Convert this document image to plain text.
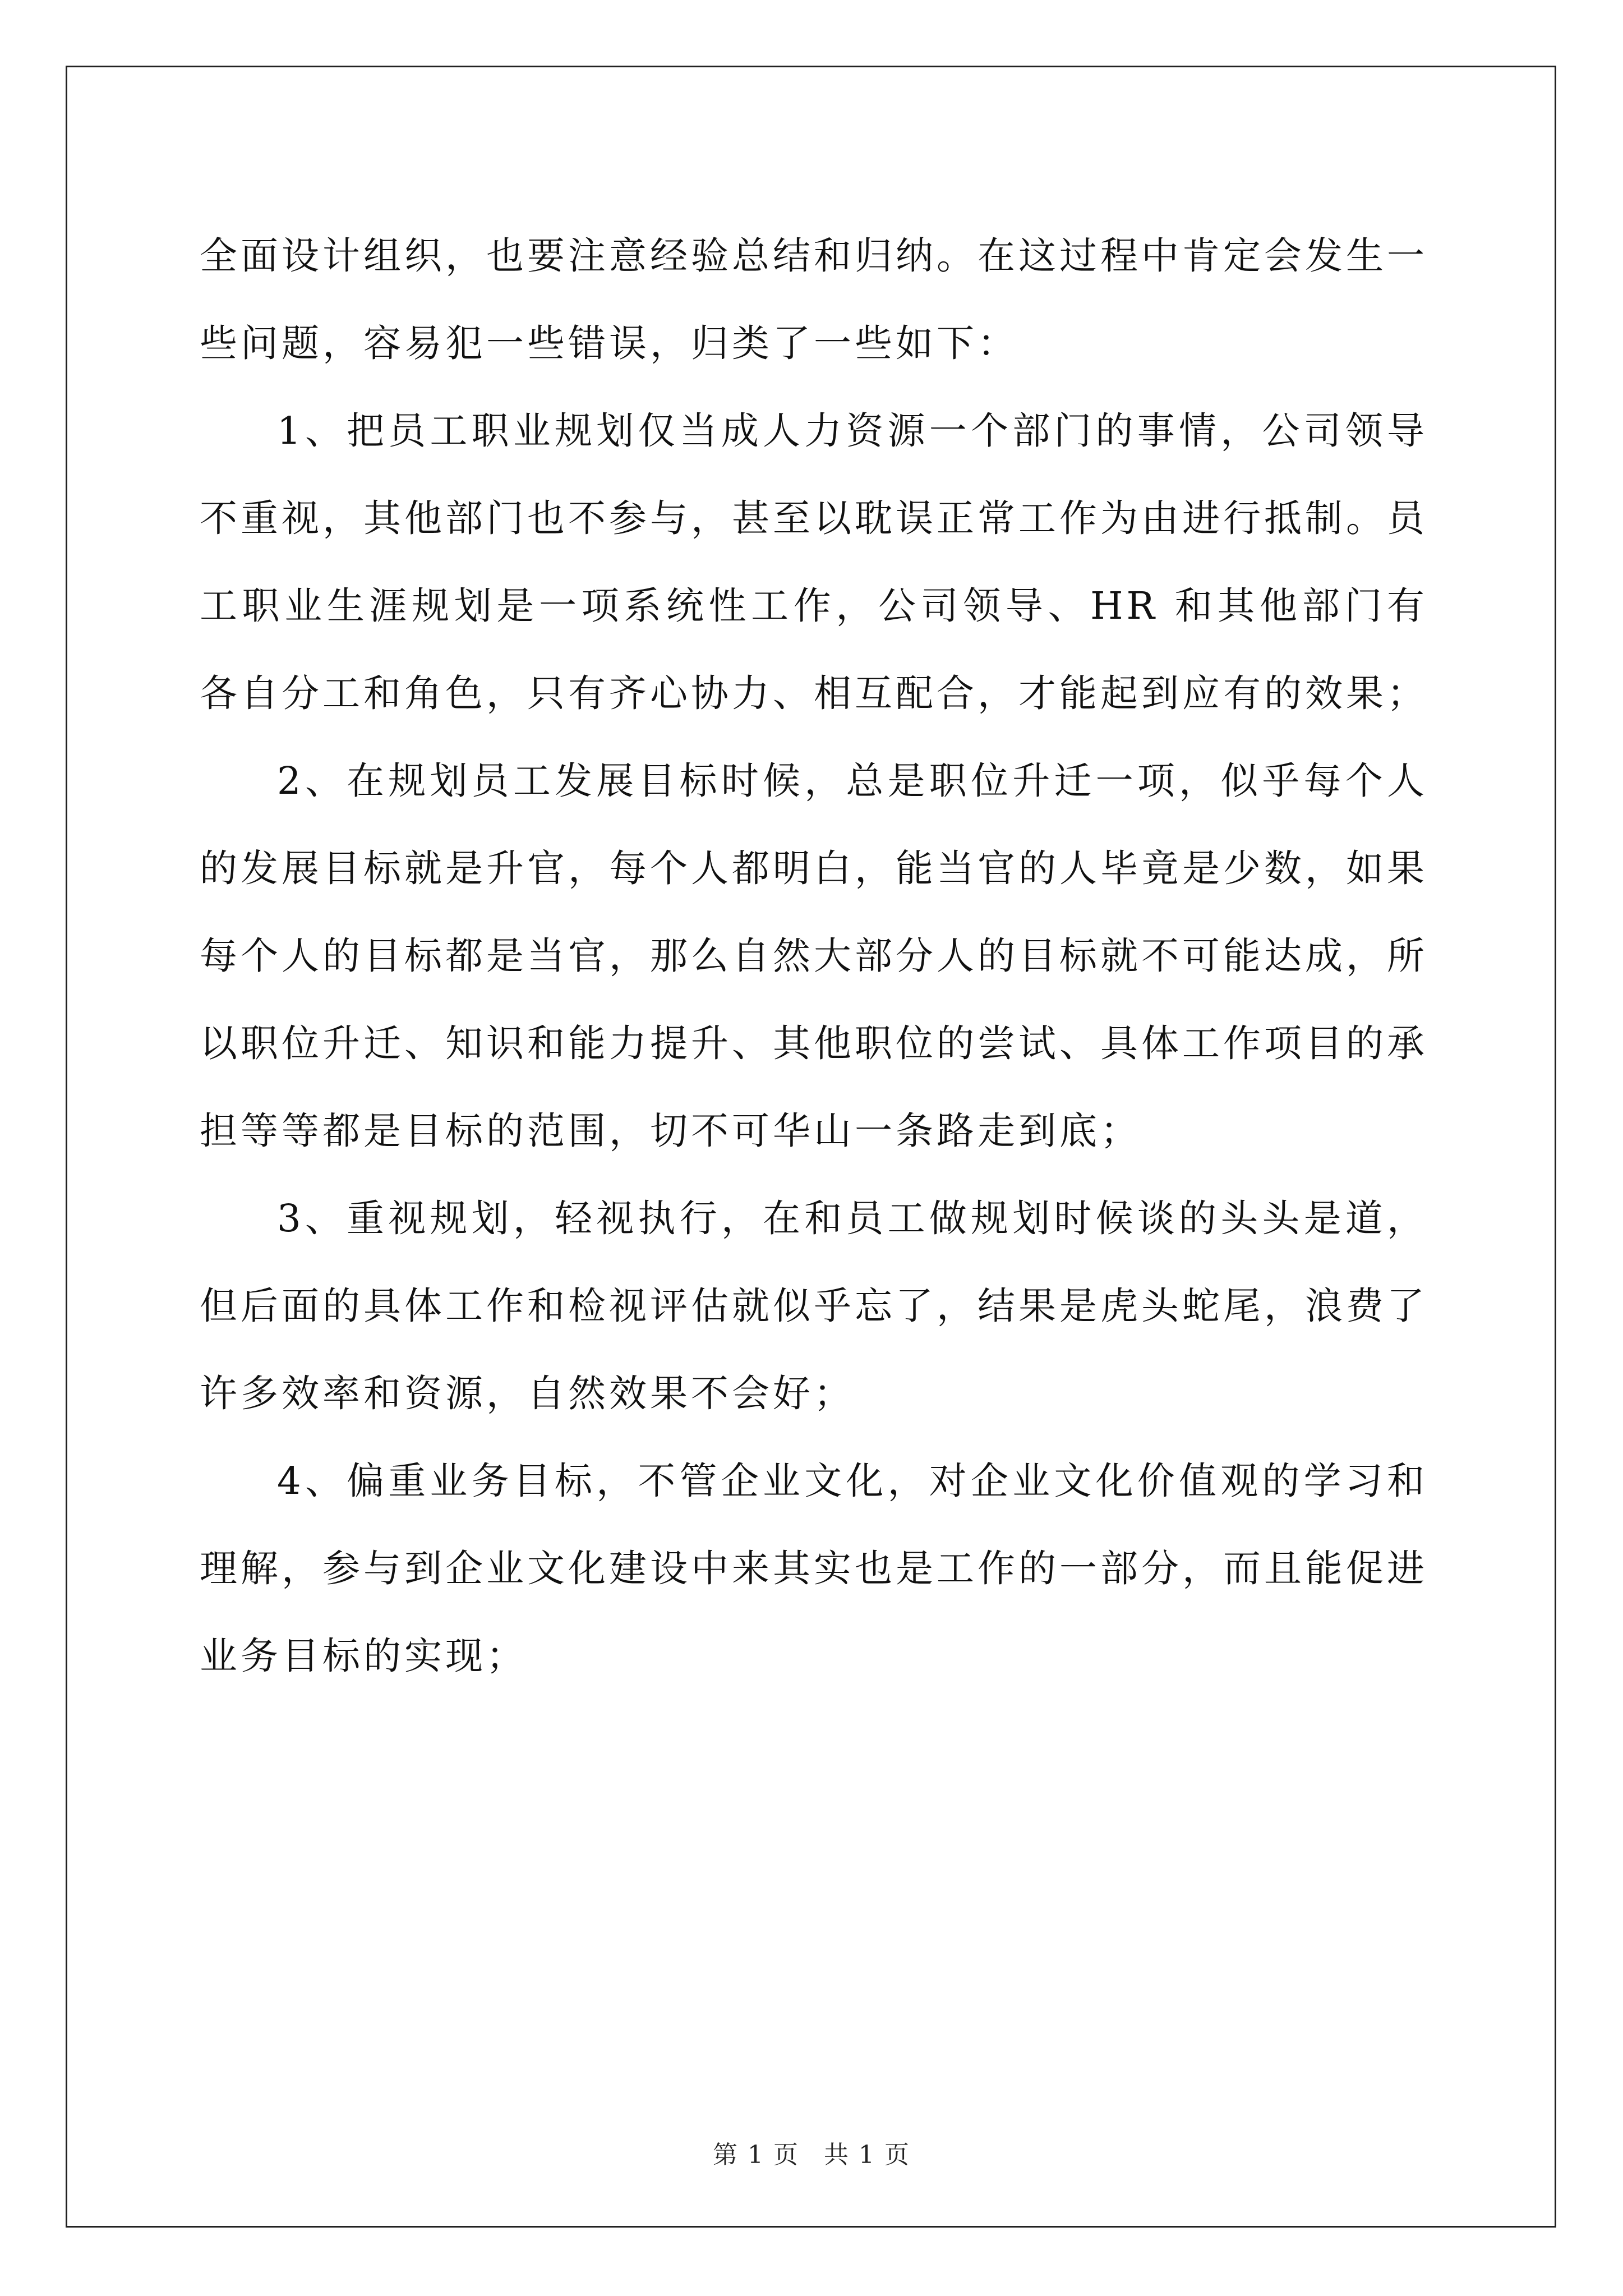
全面设计组织，也要注意经验总结和归纳。在这过程中肯定会发生一些问题，容易犯一些错误，归类了一些如下：

1、把员工职业规划仅当成人力资源一个部门的事情，公司领导不重视，其他部门也不参与，甚至以耽误正常工作为由进行抵制。员工职业生涯规划是一项系统性工作，公司领导、HR 和其他部门有各自分工和角色，只有齐心协力、相互配合，才能起到应有的效果；

2、在规划员工发展目标时候，总是职位升迁一项，似乎每个人的发展目标就是升官，每个人都明白，能当官的人毕竟是少数，如果每个人的目标都是当官，那么自然大部分人的目标就不可能达成，所以职位升迁、知识和能力提升、其他职位的尝试、具体工作项目的承担等等都是目标的范围，切不可华山一条路走到底；

3、重视规划，轻视执行，在和员工做规划时候谈的头头是道，但后面的具体工作和检视评估就似乎忘了，结果是虎头蛇尾，浪费了许多效率和资源，自然效果不会好；

4、偏重业务目标，不管企业文化，对企业文化价值观的学习和理解，参与到企业文化建设中来其实也是工作的一部分，而且能促进业务目标的实现；

第 1 页 共 1 页
